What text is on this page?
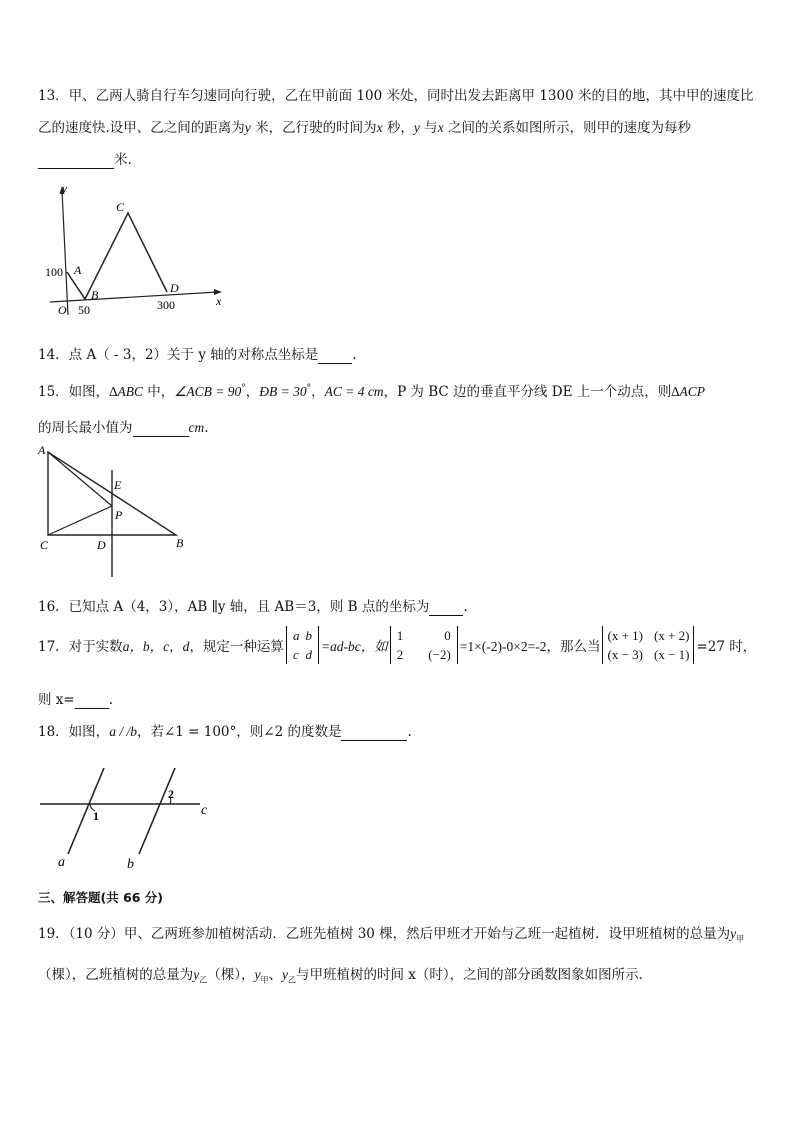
13．甲、乙两人骑自行车匀速同向行驶，乙在甲前面 100 米处，同时出发去距离甲 1300 米的目的地，其中甲的速度比
乙的速度快.设甲、乙之间的距离为y 米，乙行驶的时间为x 秒，y 与x 之间的关系如图所示，则甲的速度为每秒
米.
y
100 A
B
C
D
O 50	300	x
14．点 A（ - 3，2）关于 y 轴的对称点坐标是	.
15．如图，∆ABC 中，∠ACB = 90°，ÐB = 30°，AC = 4 cm，P 为 BC 边的垂直平分线 DE 上一个动点，则∆ACP
的周长最小值为	cm.
A
C	D	B
E
P
16．已知点 A（4，3），AB ∥y 轴，且 AB＝3，则 B 点的坐标为	.
17．对于实数 a，b，c，d ，规定一种运算
a	b
c	d
=ad-bc，如
1	0
2	(−2)
=1×(-2)-0×2=-2，那么当
(x + 1)	(x + 2)
(x − 3)	(x − 1) =27 时，
则 x=	.
18．如图，a / /b，若∠1 = 100°，则∠2 的度数是	.
1
2
c
a	b
三、解答题(共 66 分)
19．（10 分）甲、乙两班参加植树活动．乙班先植树 30 棵，然后甲班才开始与乙班一起植树．设甲班植树的总量为$y_甲$
（棵），乙班植树的总量为$y_乙$（棵），$y_甲$、$y_乙$与甲班植树的时间 x（时），之间的部分函数图象如图所示．
